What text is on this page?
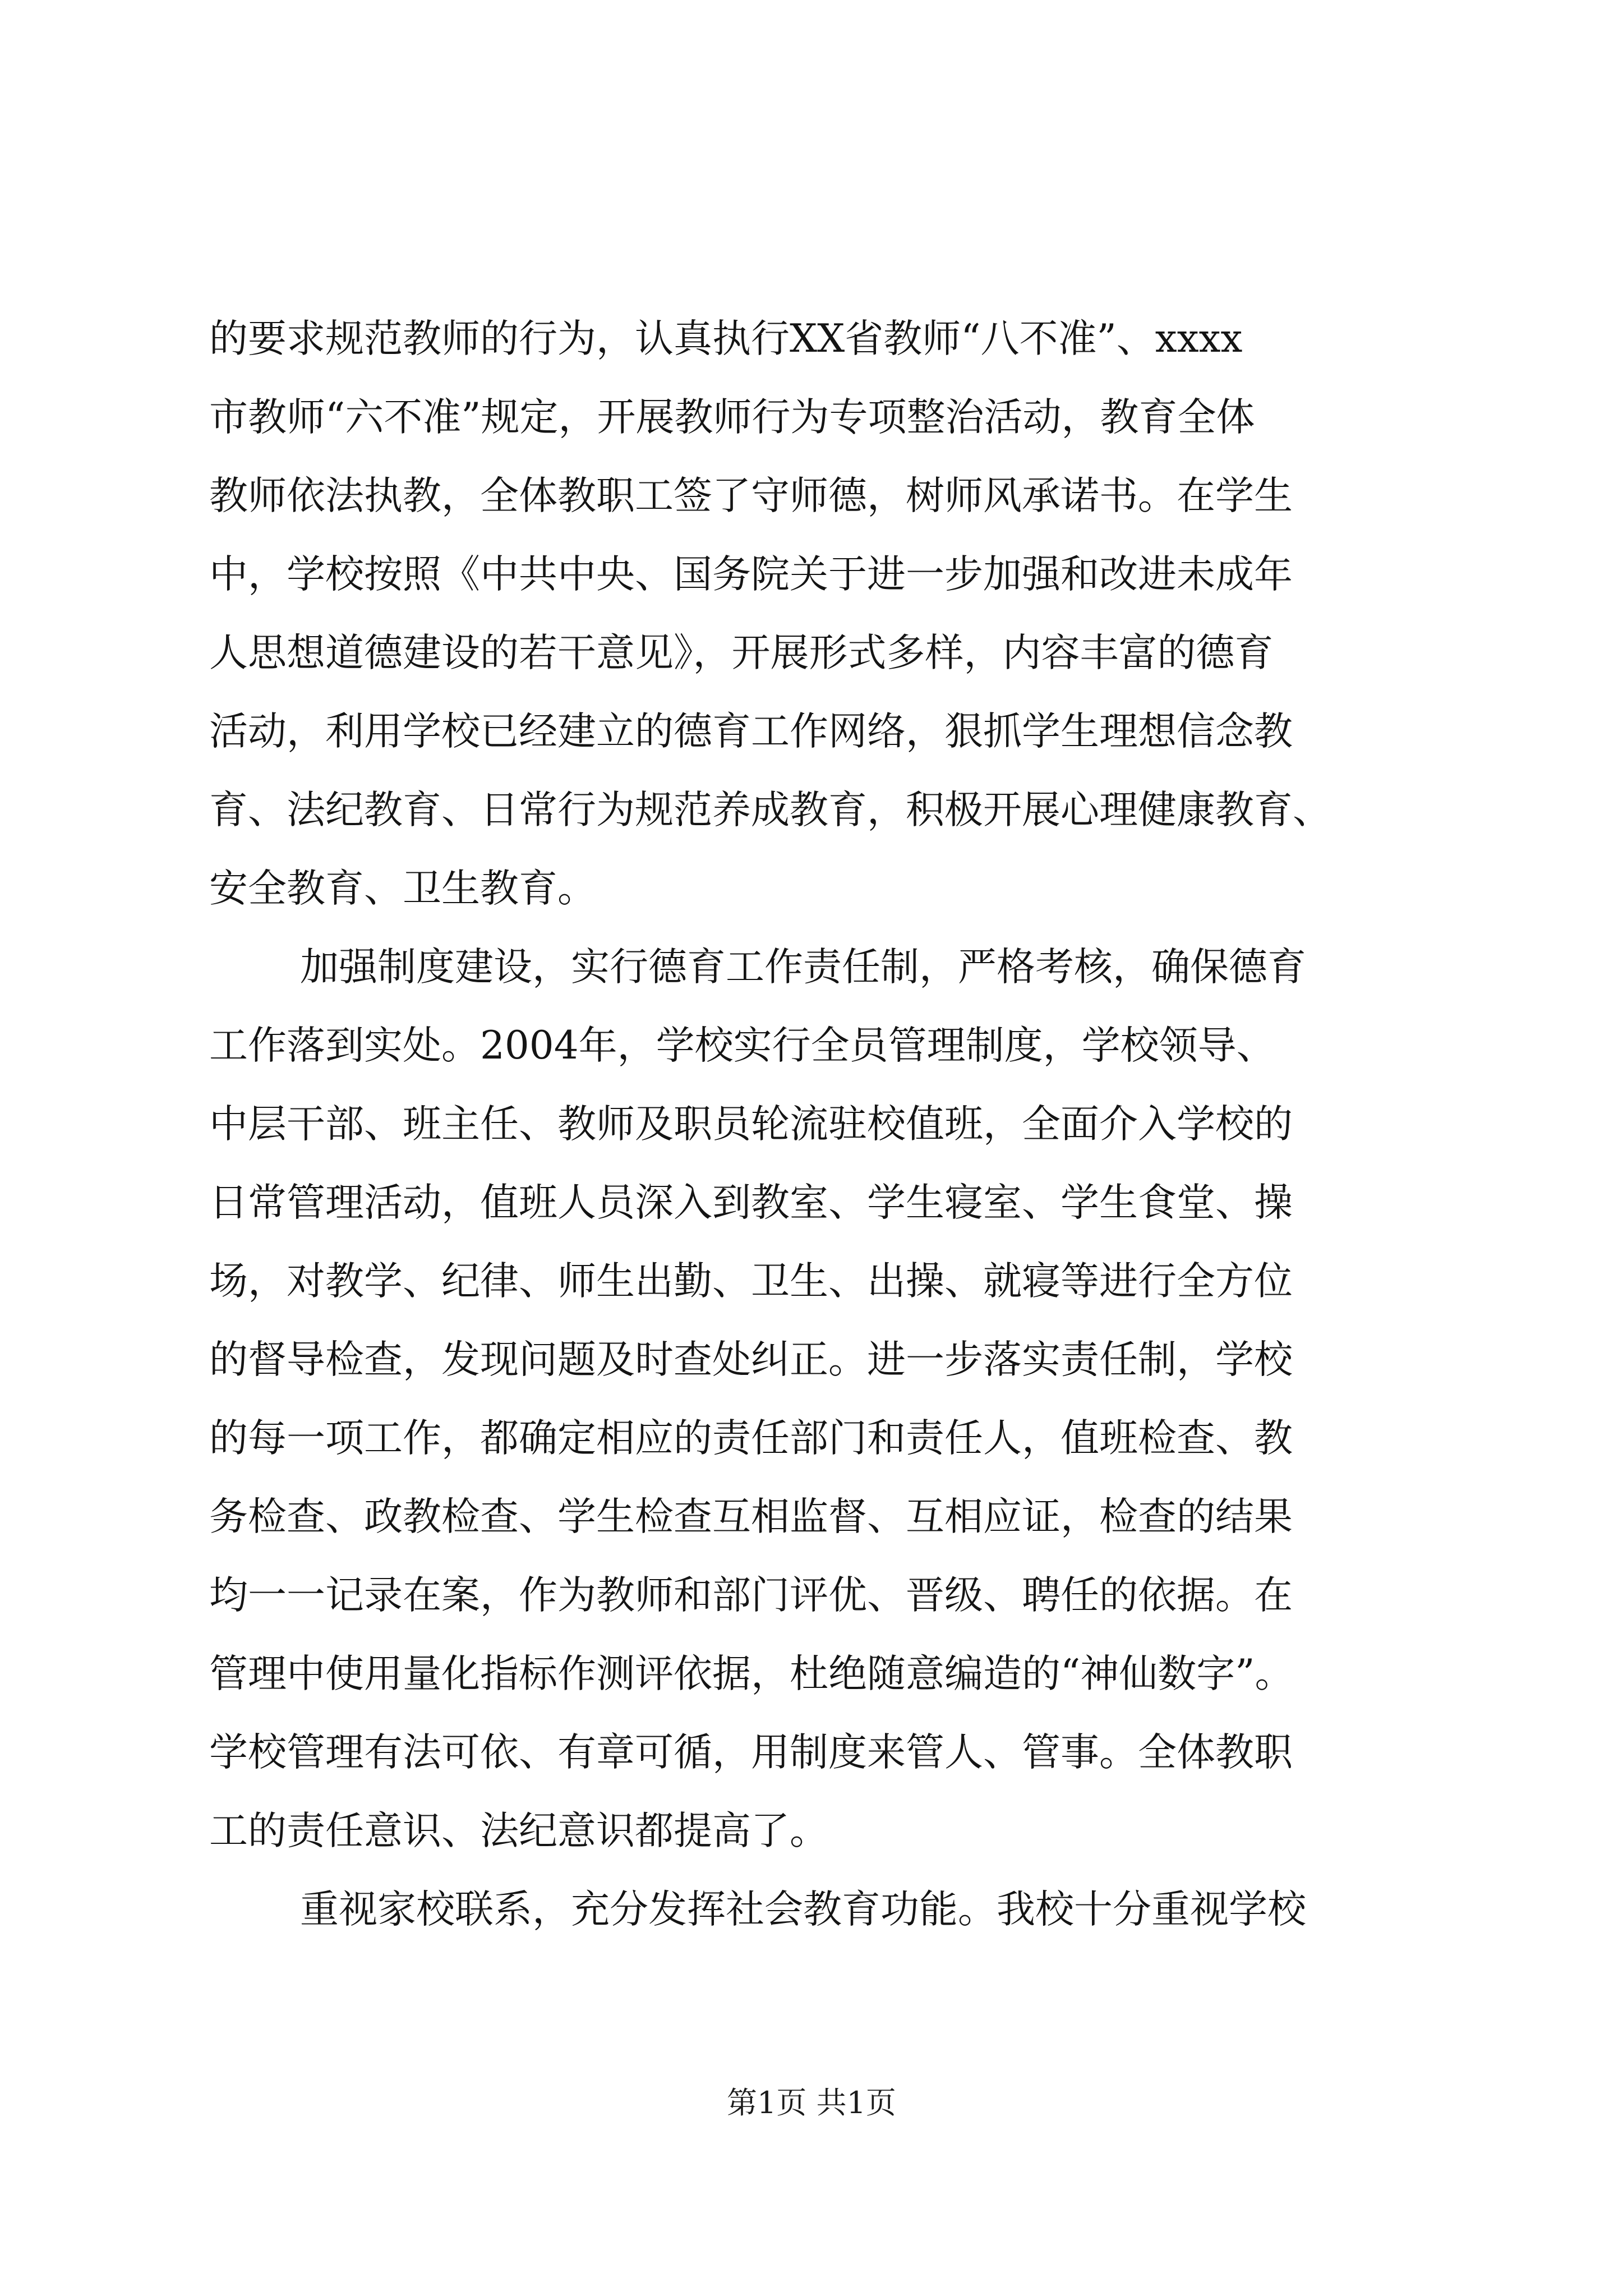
的要求规范教师的行为，认真执行XX省教师“八不准”、xxxx
市教师“六不准”规定，开展教师行为专项整治活动，教育全体
教师依法执教，全体教职工签了守师德，树师风承诺书。在学生
中，学校按照《中共中央、国务院关于进一步加强和改进未成年
人思想道德建设的若干意见》，开展形式多样，内容丰富的德育
活动，利用学校已经建立的德育工作网络，狠抓学生理想信念教
育、法纪教育、日常行为规范养成教育，积极开展心理健康教育、
安全教育、卫生教育。
加强制度建设，实行德育工作责任制，严格考核，确保德育
工作落到实处。2004年，学校实行全员管理制度，学校领导、
中层干部、班主任、教师及职员轮流驻校值班，全面介入学校的
日常管理活动，值班人员深入到教室、学生寝室、学生食堂、操
场，对教学、纪律、师生出勤、卫生、出操、就寝等进行全方位
的督导检查，发现问题及时查处纠正。进一步落实责任制，学校
的每一项工作，都确定相应的责任部门和责任人，值班检查、教
务检查、政教检查、学生检查互相监督、互相应证，检查的结果
均一一记录在案，作为教师和部门评优、晋级、聘任的依据。在
管理中使用量化指标作测评依据，杜绝随意编造的“神仙数字”。
学校管理有法可依、有章可循，用制度来管人、管事。全体教职
工的责任意识、法纪意识都提高了。
重视家校联系，充分发挥社会教育功能。我校十分重视学校
第1页 共1页
